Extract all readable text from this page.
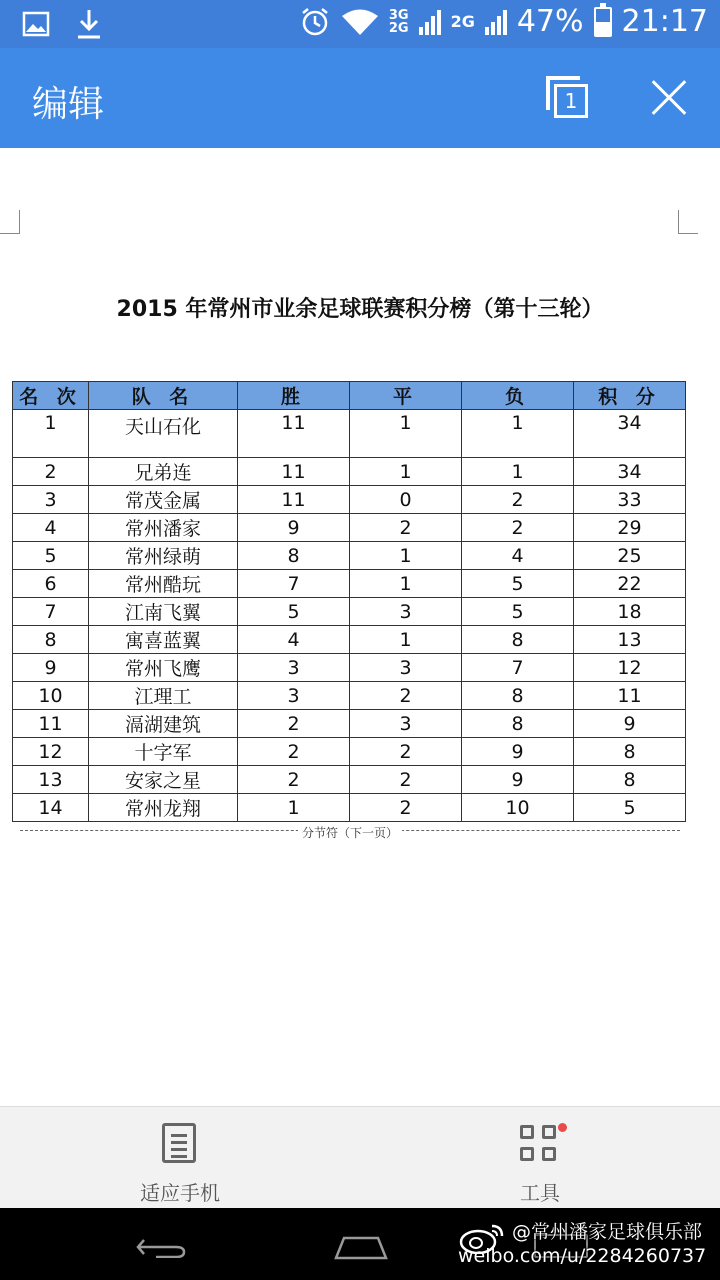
3G
2G	2G 47% 21:17
编辑	1
2015 年常州市业余足球联赛积分榜（第十三轮）
名 次	队 名	胜	平	负	积 分
1	天山石化	11	1	1	34
2	兄弟连	11	1	1	34
3	常茂金属	11	0	2	33
4	常州潘家	9	2	2	29
5	常州绿萌	8	1	4	25
6	常州酷玩	7	1	5	22
7	江南飞翼	5	3	5	18
8	寓喜蓝翼	4	1	8	13
9	常州飞鹰	3	3	7	12
10	江理工	3	2	8	11
11	滆湖建筑	2	3	8	9
12	十字军	2	2	9	8
13	安家之星	2	2	9	8
14	常州龙翔	1	2	10	5
分节符（下一页）
适应手机	工具
@常州潘家足球俱乐部
weibo.com/u/2284260737
